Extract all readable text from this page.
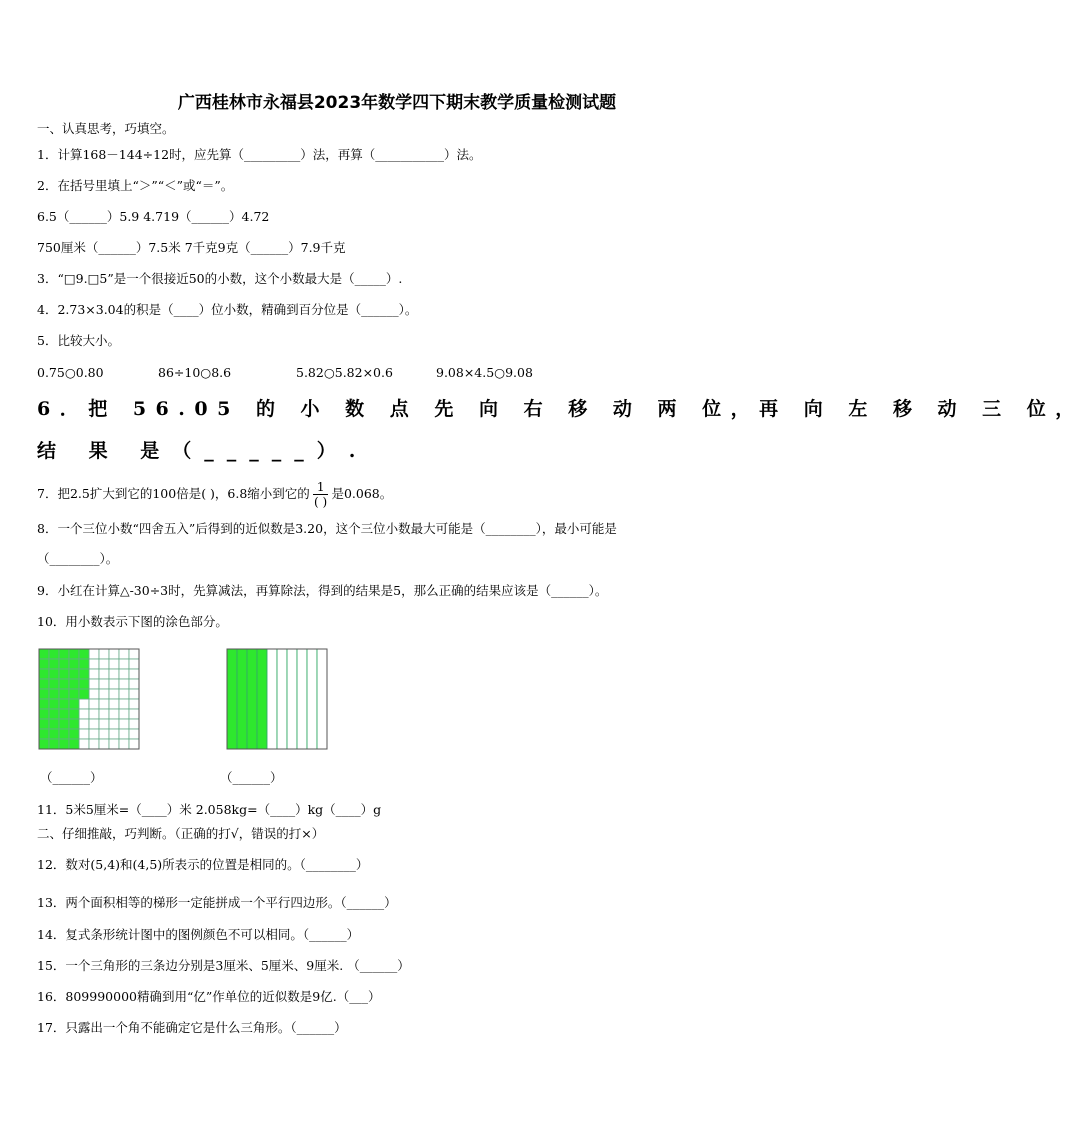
广西桂林市永福县2023年数学四下期末教学质量检测试题
一、认真思考，巧填空。
1．计算168－144÷12时，应先算（_________）法，再算（___________）法。
2．在括号里填上“＞”“＜”或“＝”。
6.5（______）5.9 4.719（______）4.72
750厘米（______）7.5米 7千克9克（______）7.9千克
3．“□9.□5”是一个很接近50的小数，这个小数最大是（_____）.
4．2.73×3.04的积是（____）位小数，精确到百分位是（______）。
5．比较大小。
0.75○0.80	86÷10○8.6	5.82○5.82×0.6	9.08×4.5○9.08
6．把 56.05 的 小 数 点 先 向 右 移 动 两 位，再 向 左 移 动 三 位，
结 果 是（_____）.
7．把2.5扩大到它的100倍是( )，6.8缩小到它的 $\frac{1}{( )}$ 是0.068。
8．一个三位小数“四舍五入”后得到的近似数是3.20，这个三位小数最大可能是（________），最小可能是
（________）。
9．小红在计算△-30÷3时，先算减法，再算除法，得到的结果是5，那么正确的结果应该是（______）。
10．用小数表示下图的涂色部分。
（______）	（______）
11．5米5厘米=（____）米 2.058kg=（____）kg（____）g
二、仔细推敲，巧判断。（正确的打√，错误的打×）
12．数对(5,4)和(4,5)所表示的位置是相同的。（________）
13．两个面积相等的梯形一定能拼成一个平行四边形。（______）
14．复式条形统计图中的图例颜色不可以相同。（______）
15．一个三角形的三条边分别是3厘米、5厘米、9厘米. （______）
16．809990000精确到用“亿”作单位的近似数是9亿.（___）
17．只露出一个角不能确定它是什么三角形。（______）
